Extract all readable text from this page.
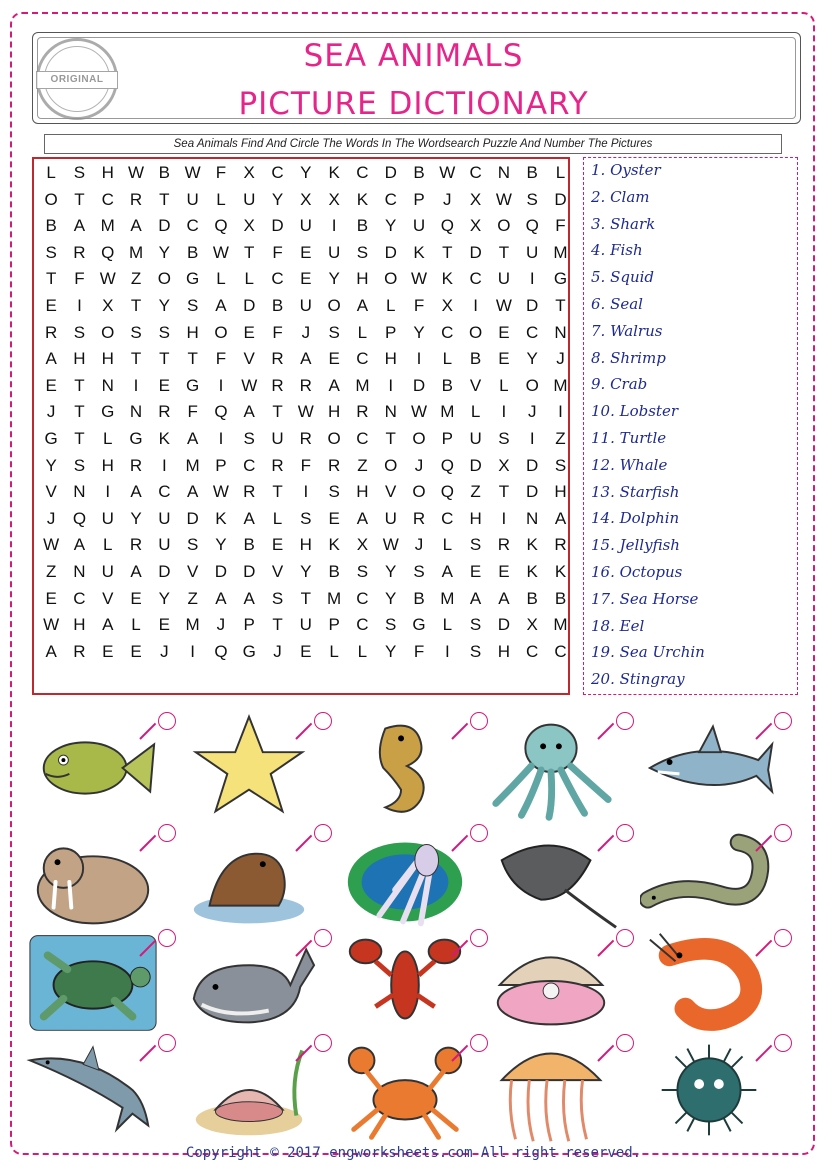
ORIGINAL
SEA ANIMALS
PICTURE DICTIONARY
Sea Animals Find And Circle The Words In The Wordsearch Puzzle And Number The Pictures
L	S H W B W F	X C Y K C D B W C N B	L
O T C R T U	L	U Y X X K C P	J	X W S D
B A M A D C Q X D U	I	B Y U Q X O Q F
S R Q M Y B W T	F	E U S D K	T D T U M
T	F W Z O G L	L	C E Y H O W K C U	I	G
E	I	X	T	Y S A D B U O A	L	F	X	I	W D T
R S O S S H O E	F	J	S	L	P Y C O E C N
A H H T	T	T	F	V R A E C H	I	L	B E Y	J
E	T N	I	E G	I	W R R A M	I	D B V	L O M
J	T G N R F Q A	T W H R N W M L	I	J	I
G T	L G K A	I	S U R O C T O P U S	I	Z
Y S H R	I	M P C R F R Z O	J	Q D X D S
V N	I	A C A W R T	I	S H V O Q Z	T D H
J	Q U Y U D K A	L	S E A U R C H	I	N A
W A	L	R U S Y B E H K X W J	L	S R K R
Z N U A D V D D V Y B S Y S A E E K K
E C V E Y	Z	A A S	T M C Y B M A A B B
W H A	L	E M J	P	T U P C S G L	S D X M
A R E E	J	I	Q G	J	E	L	L	Y	F	I	S H C C
1. Oyster
2. Clam
3. Shark
4. Fish
5. Squid
6. Seal
7. Walrus
8. Shrimp
9. Crab
10. Lobster
11. Turtle
12. Whale
13. Starfish
14. Dolphin
15. Jellyfish
16. Octopus
17. Sea Horse
18. Eel
19. Sea Urchin
20. Stingray
Copyright © 2017 engworksheets.com All right reserved.
